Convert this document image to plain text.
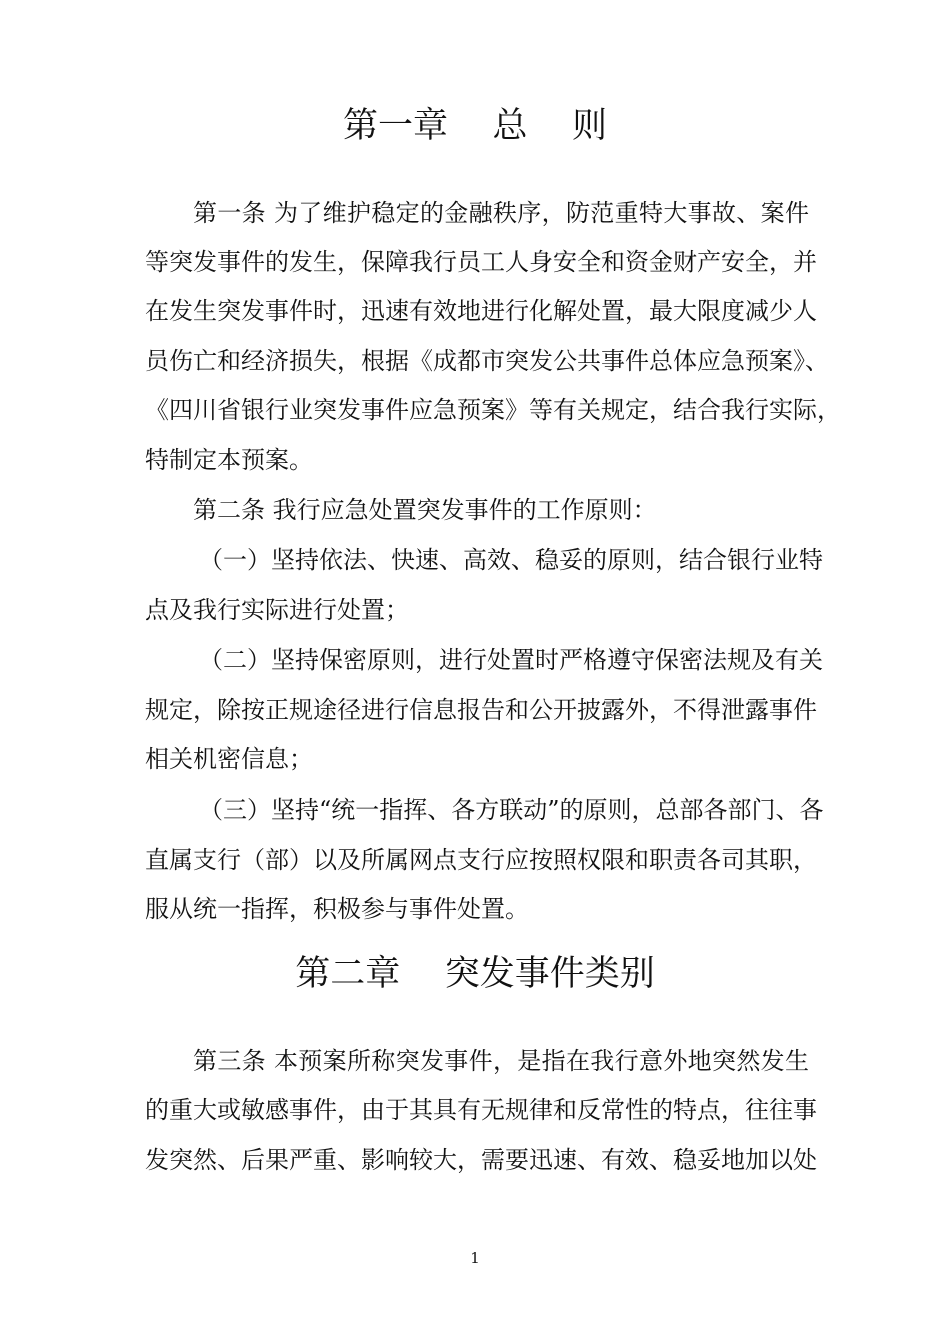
第一章    总    则
第一条 为了维护稳定的金融秩序，防范重特大事故、案件
等突发事件的发生，保障我行员工人身安全和资金财产安全，并
在发生突发事件时，迅速有效地进行化解处置，最大限度减少人
员伤亡和经济损失，根据《成都市突发公共事件总体应急预案》、
《四川省银行业突发事件应急预案》等有关规定，结合我行实际，
特制定本预案。
第二条 我行应急处置突发事件的工作原则：
（一）坚持依法、快速、高效、稳妥的原则，结合银行业特
点及我行实际进行处置；
（二）坚持保密原则，进行处置时严格遵守保密法规及有关
规定，除按正规途径进行信息报告和公开披露外，不得泄露事件
相关机密信息；
（三）坚持“统一指挥、各方联动”的原则，总部各部门、各
直属支行（部）以及所属网点支行应按照权限和职责各司其职，
服从统一指挥，积极参与事件处置。
第二章    突发事件类别
第三条 本预案所称突发事件，是指在我行意外地突然发生
的重大或敏感事件，由于其具有无规律和反常性的特点，往往事
发突然、后果严重、影响较大，需要迅速、有效、稳妥地加以处
1
